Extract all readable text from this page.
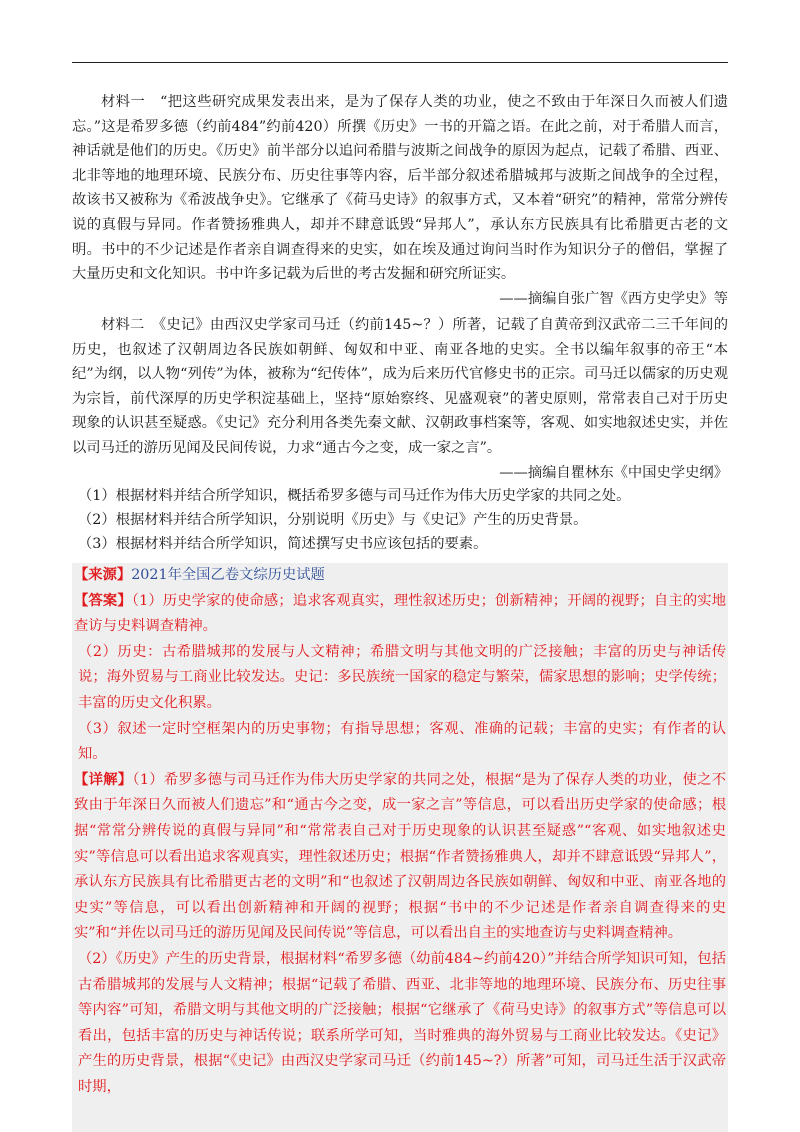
材料一　“把这些研究成果发表出来，是为了保存人类的功业，使之不致由于年深日久而被人们遗忘。”这是希罗多德（约前484”约前420）所撰《历史》一书的开篇之语。在此之前，对于希腊人而言，神话就是他们的历史。《历史》前半部分以追问希腊与波斯之间战争的原因为起点，记载了希腊、西亚、北非等地的地理环境、民族分布、历史往事等内容，后半部分叙述希腊城邦与波斯之间战争的全过程，故该书又被称为《希波战争史》。它继承了《荷马史诗》的叙事方式，又本着“研究”的精神，常常分辨传说的真假与异同。作者赞扬雅典人，却并不肆意诋毁“异邦人”，承认东方民族具有比希腊更古老的文明。书中的不少记述是作者亲自调查得来的史实，如在埃及通过询问当时作为知识分子的僧侣，掌握了大量历史和文化知识。书中许多记载为后世的考古发掘和研究所证实。

——摘编自张广智《西方史学史》等

材料二　《史记》由西汉史学家司马迁（约前145~？）所著，记载了自黄帝到汉武帝二三千年间的历史，也叙述了汉朝周边各民族如朝鲜、匈奴和中亚、南亚各地的史实。全书以编年叙事的帝王“本纪”为纲，以人物“列传”为体，被称为“纪传体”，成为后来历代官修史书的正宗。司马迁以儒家的历史观为宗旨，前代深厚的历史学积淀基础上，坚持“原始察终、见盛观衰”的著史原则，常常表自己对于历史现象的认识甚至疑惑。《史记》充分利用各类先秦文献、汉朝政事档案等，客观、如实地叙述史实，并佐以司马迁的游历见闻及民间传说，力求“通古今之变，成一家之言”。

——摘编自瞿林东《中国史学史纲》

（1）根据材料并结合所学知识，概括希罗多德与司马迁作为伟大历史学家的共同之处。

（2）根据材料并结合所学知识，分别说明《历史》与《史记》产生的历史背景。

（3）根据材料并结合所学知识，简述撰写史书应该包括的要素。

【来源】2021年全国乙卷文综历史试题

【答案】（1）历史学家的使命感；追求客观真实，理性叙述历史；创新精神；开阔的视野；自主的实地查访与史料调查精神。

（2）历史：古希腊城邦的发展与人文精神；希腊文明与其他文明的广泛接触；丰富的历史与神话传说；海外贸易与工商业比较发达。史记：多民族统一国家的稳定与繁荣，儒家思想的影响；史学传统；丰富的历史文化积累。

（3）叙述一定时空框架内的历史事物；有指导思想；客观、准确的记载；丰富的史实；有作者的认知。

【详解】（1）希罗多德与司马迁作为伟大历史学家的共同之处，根据“是为了保存人类的功业，使之不致由于年深日久而被人们遗忘”和“通古今之变，成一家之言”等信息，可以看出历史学家的使命感；根据“常常分辨传说的真假与异同”和“常常表自己对于历史现象的认识甚至疑惑”“客观、如实地叙述史实”等信息可以看出追求客观真实，理性叙述历史；根据“作者赞扬雅典人，却并不肆意诋毁“异邦人”，承认东方民族具有比希腊更古老的文明”和“也叙述了汉朝周边各民族如朝鲜、匈奴和中亚、南亚各地的史实”等信息，可以看出创新精神和开阔的视野；根据“书中的不少记述是作者亲自调查得来的史实”和“并佐以司马迁的游历见闻及民间传说”等信息，可以看出自主的实地查访与史料调查精神。

（2）《历史》产生的历史背景，根据材料“希罗多德（幼前484~约前420）”并结合所学知识可知，包括古希腊城邦的发展与人文精神；根据“记载了希腊、西亚、北非等地的地理环境、民族分布、历史往事等内容”可知，希腊文明与其他文明的广泛接触；根据“它继承了《荷马史诗》的叙事方式”等信息可以看出，包括丰富的历史与神话传说；联系所学可知，当时雅典的海外贸易与工商业比较发达。《史记》产生的历史背景，根据“《史记》由西汉史学家司马迁（约前145~?）所著”可知，司马迁生活于汉武帝时期，
